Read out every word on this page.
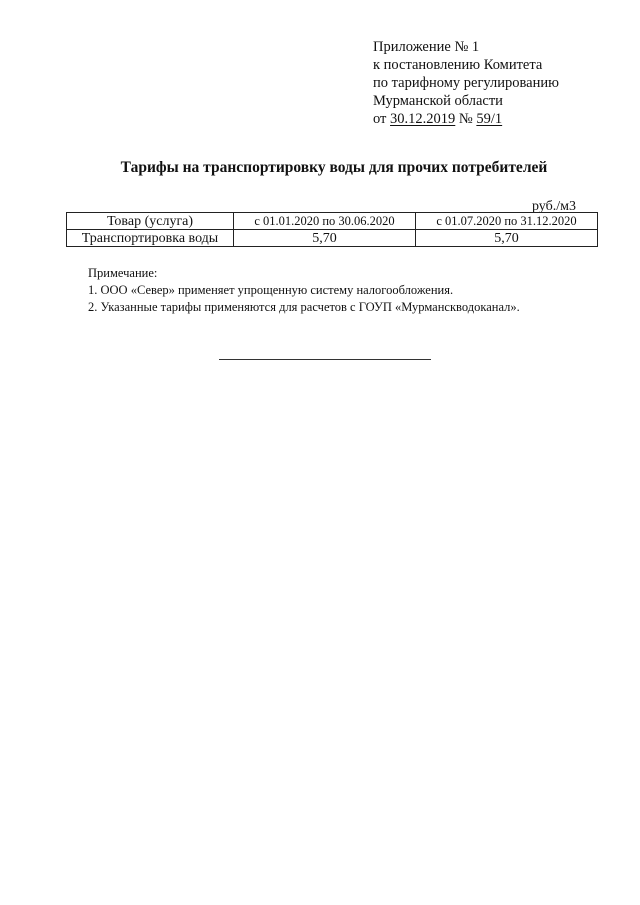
Приложение № 1
к постановлению Комитета
по тарифному регулированию
Мурманской области
от 30.12.2019 № 59/1
Тарифы на транспортировку воды для прочих потребителей
руб./м3
Товар (услуга)	с 01.01.2020 по 30.06.2020	с 01.07.2020 по 31.12.2020
Транспортировка воды	5,70	5,70
Примечание:
1. ООО «Север» применяет упрощенную систему налогообложения.
2. Указанные тарифы применяются для расчетов с ГОУП «Мурманскводоканал».
